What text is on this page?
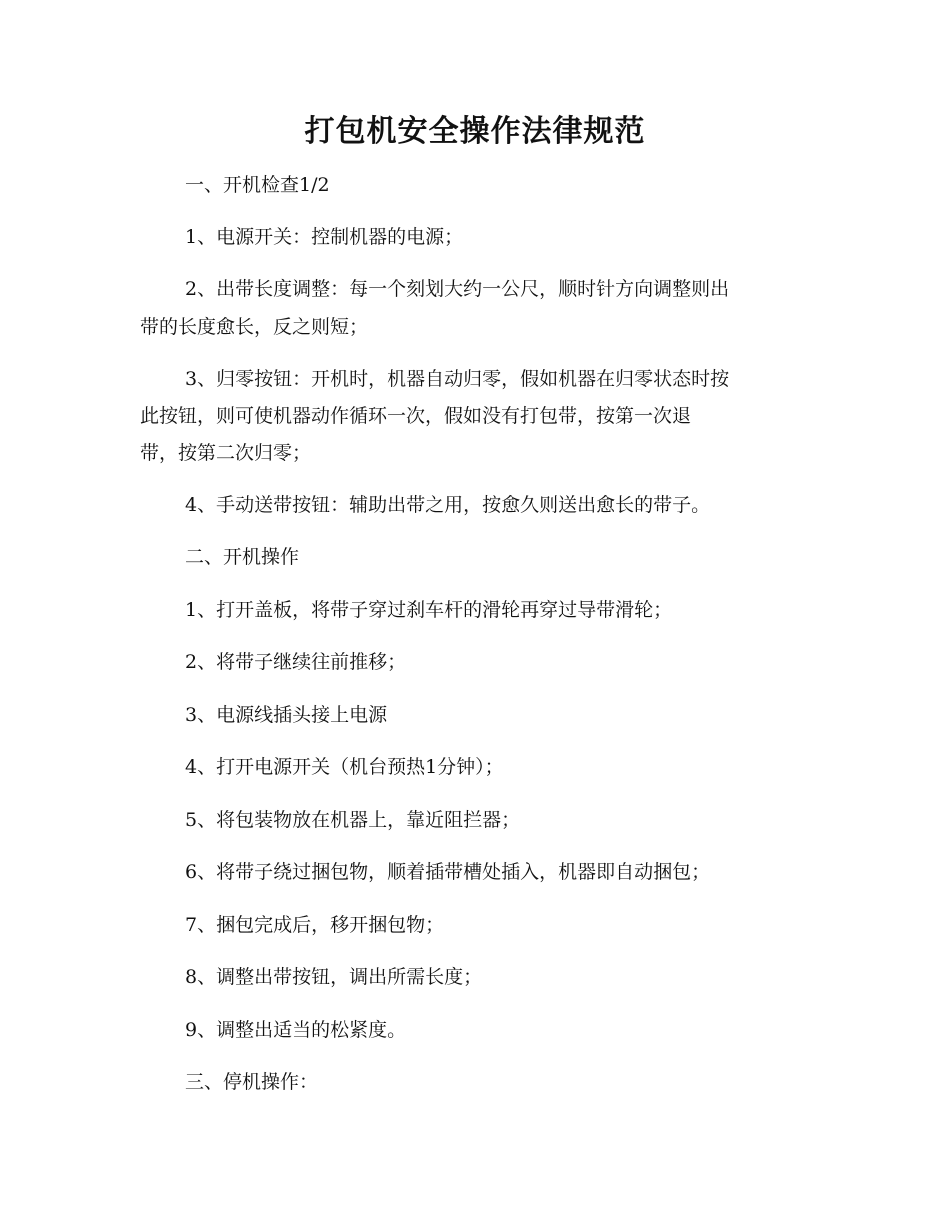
打包机安全操作法律规范
一、开机检查1/2
1、电源开关：控制机器的电源；
2、出带长度调整：每一个刻划大约一公尺，顺时针方向调整则出
带的长度愈长，反之则短；
3、归零按钮：开机时，机器自动归零，假如机器在归零状态时按
此按钮，则可使机器动作循环一次，假如没有打包带，按第一次退
带，按第二次归零；
4、手动送带按钮：辅助出带之用，按愈久则送出愈长的带子。
二、开机操作
1、打开盖板，将带子穿过刹车杆的滑轮再穿过导带滑轮；
2、将带子继续往前推移；
3、电源线插头接上电源
4、打开电源开关（机台预热1分钟）；
5、将包装物放在机器上，靠近阻拦器；
6、将带子绕过捆包物，顺着插带槽处插入，机器即自动捆包；
7、捆包完成后，移开捆包物；
8、调整出带按钮，调出所需长度；
9、调整出适当的松紧度。
三、停机操作：
